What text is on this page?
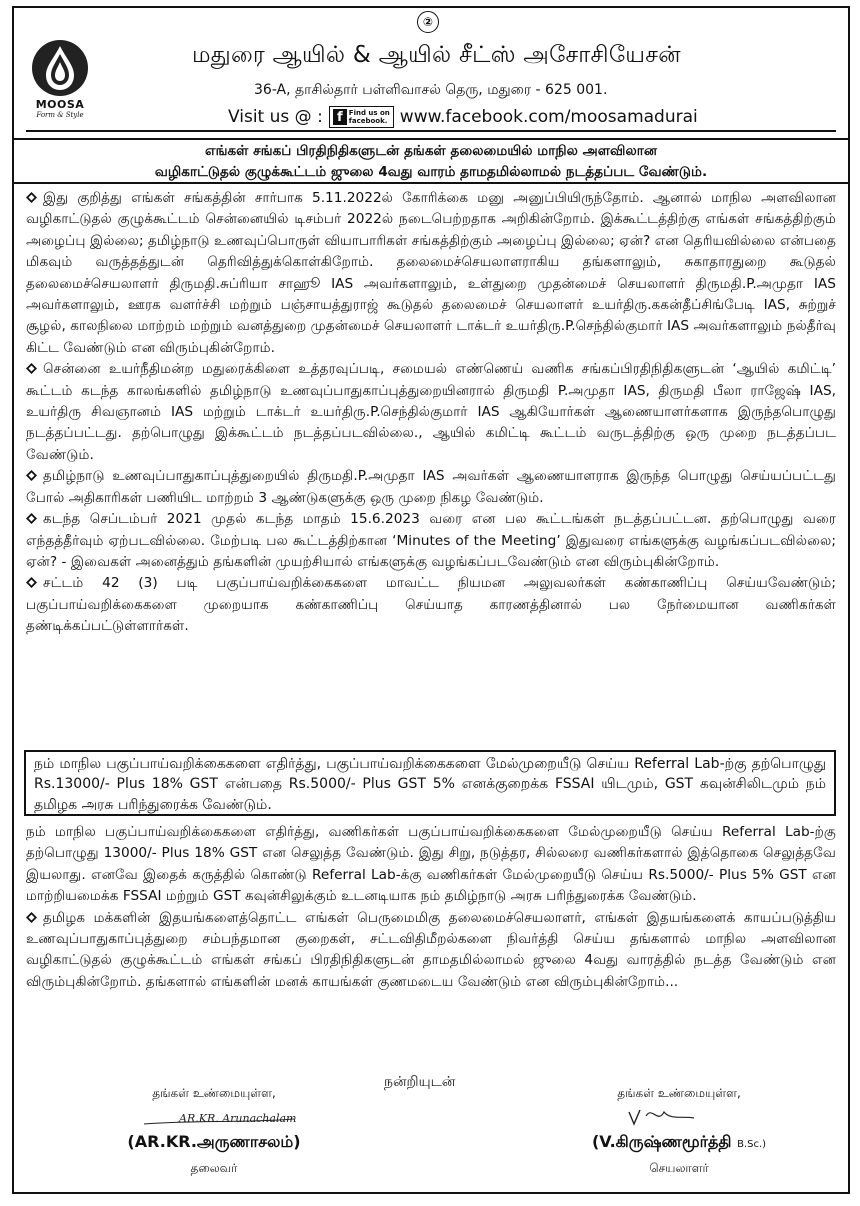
②
MOOSA
Form & Style
மதுரை ஆயில் & ஆயில் சீட்ஸ் அசோசியேசன்
36-A, தாசில்தார் பள்ளிவாசல் தெரு, மதுரை - 625 001.
Visit us @ :	f Find us on
facebook. www.facebook.com/moosamadurai
எங்கள் சங்கப் பிரதிநிதிகளுடன் தங்கள் தலைமையில் மாநில அளவிலான
வழிகாட்டுதல் குழுக்கூட்டம் ஜுலை 4வது வாரம் தாமதமில்லாமல் நடத்தப்பட வேண்டும்.

இது குறித்து எங்கள் சங்கத்தின் சார்பாக 5.11.2022ல் கோரிக்கை மனு அனுப்பியிருந்தோம். ஆனால் மாநில அளவிலான வழிகாட்டுதல் குழுக்கூட்டம் சென்னையில் டிசம்பர் 2022ல் நடைபெற்றதாக அறிகின்றோம். இக்கூட்டத்திற்கு எங்கள் சங்கத்திற்கும் அழைப்பு இல்லை; தமிழ்நாடு உணவுப்பொருள் வியாபாரிகள் சங்கத்திற்கும் அழைப்பு இல்லை; ஏன்? என தெரியவில்லை என்பதை மிகவும் வருத்தத்துடன் தெரிவித்துக்கொள்கிறோம். தலைமைச்செயலாளராகிய தங்களாலும், சுகாதாரதுறை கூடுதல் தலைமைச்செயலாளர் திருமதி.சுப்ரியா சாஹூ IAS அவர்களாலும், உள்துறை முதன்மைச் செயலாளர் திருமதி.P.அமுதா IAS அவர்களாலும், ஊரக வளர்ச்சி மற்றும் பஞ்சாயத்துராஜ் கூடுதல் தலைமைச் செயலாளர் உயர்திரு.ககன்தீப்சிங்பேடி IAS, சுற்றுச் சூழல், காலநிலை மாற்றம் மற்றும் வனத்துறை முதன்மைச் செயலாளர் டாக்டர் உயர்திரு.P.செந்தில்குமார் IAS அவர்களாலும் நல்தீர்வு கிட்ட வேண்டும் என விரும்புகின்றோம்.

சென்னை உயர்நீதிமன்ற மதுரைக்கிளை உத்தரவுப்படி, சமையல் எண்ணெய் வணிக சங்கப்பிரதிநிதிகளுடன் ‘ஆயில் கமிட்டி’ கூட்டம் கடந்த காலங்களில் தமிழ்நாடு உணவுப்பாதுகாப்புத்துறையினரால் திருமதி P.அமுதா IAS, திருமதி பீலா ராஜேஷ் IAS, உயர்திரு சிவஞானம் IAS மற்றும் டாக்டர் உயர்திரு.P.செந்தில்குமார் IAS ஆகியோர்கள் ஆணையாளர்களாக இருந்தபொழுது நடத்தப்பட்டது. தற்பொழுது இக்கூட்டம் நடத்தப்படவில்லை., ஆயில் கமிட்டி கூட்டம் வருடத்திற்கு ஒரு முறை நடத்தப்பட வேண்டும்.

தமிழ்நாடு உணவுப்பாதுகாப்புத்துறையில் திருமதி.P.அமுதா IAS அவர்கள் ஆணையாளராக இருந்த பொழுது செய்யப்பட்டது போல் அதிகாரிகள் பணியிட மாற்றம் 3 ஆண்டுகளுக்கு ஒரு முறை நிகழ வேண்டும்.

கடந்த செப்டம்பர் 2021 முதல் கடந்த மாதம் 15.6.2023 வரை என பல கூட்டங்கள் நடத்தப்பட்டன. தற்பொழுது வரை எந்தத்தீர்வும் ஏற்படவில்லை. மேற்படி பல கூட்டத்திற்கான ‘Minutes of the Meeting’ இதுவரை எங்களுக்கு வழங்கப்படவில்லை; ஏன்? - இவைகள் அனைத்தும் தங்களின் முயற்சியால் எங்களுக்கு வழங்கப்படவேண்டும் என விரும்புகின்றோம்.

சட்டம் 42 (3) படி பகுப்பாய்வறிக்கைகளை மாவட்ட நியமன அலுவலர்கள் கண்காணிப்பு செய்யவேண்டும்; பகுப்பாய்வறிக்கைகளை முறையாக கண்காணிப்பு செய்யாத காரணத்தினால் பல நேர்மையான வணிகர்கள் தண்டிக்கப்பட்டுள்ளார்கள்.

நம் மாநில பகுப்பாய்வறிக்கைகளை எதிர்த்து, பகுப்பாய்வறிக்கைகளை மேல்முறையீடு செய்ய Referral Lab-ற்கு தற்பொழுது Rs.13000/- Plus 18% GST என்பதை Rs.5000/- Plus GST 5% எனக்குறைக்க FSSAI யிடமும், GST கவுன்சிலிடமும் நம் தமிழக அரசு பரிந்துரைக்க வேண்டும்.

நம் மாநில பகுப்பாய்வறிக்கைகளை எதிர்த்து, வணிகர்கள் பகுப்பாய்வறிக்கைகளை மேல்முறையீடு செய்ய Referral Lab-ற்கு தற்பொழுது 13000/- Plus 18% GST என செலுத்த வேண்டும். இது சிறு, நடுத்தர, சில்லரை வணிகர்களால் இத்தொகை செலுத்தவே இயலாது. எனவே இதைக் கருத்தில் கொண்டு Referral Lab-க்கு வணிகர்கள் மேல்முறையீடு செய்ய Rs.5000/- Plus 5% GST என மாற்றியமைக்க FSSAI மற்றும் GST கவுன்சிலுக்கும் உடனடியாக நம் தமிழ்நாடு அரசு பரிந்துரைக்க வேண்டும்.

தமிழக மக்களின் இதயங்களைத்தொட்ட எங்கள் பெருமைமிகு தலைமைச்செயலாளர், எங்கள் இதயங்களைக் காயப்படுத்திய உணவுப்பாதுகாப்புத்துறை சம்பந்தமான குறைகள், சட்டவிதிமீறல்களை நிவர்த்தி செய்ய தங்களால் மாநில அளவிலான வழிகாட்டுதல் குழுக்கூட்டம் எங்கள் சங்கப் பிரதிநிதிகளுடன் தாமதமில்லாமல் ஜுலை 4வது வாரத்தில் நடத்த வேண்டும் என விரும்புகின்றோம். தங்களால் எங்களின் மனக் காயங்கள் குணமடைய வேண்டும் என விரும்புகின்றோம்...

நன்றியுடன்
தங்கள் உண்மையுள்ள,
AR.KR. Arunachalam
(AR.KR.அருணாசலம்)
தலைவர்
தங்கள் உண்மையுள்ள,
(V.கிருஷ்ணமூர்த்தி B.Sc.)
செயலாளர்
